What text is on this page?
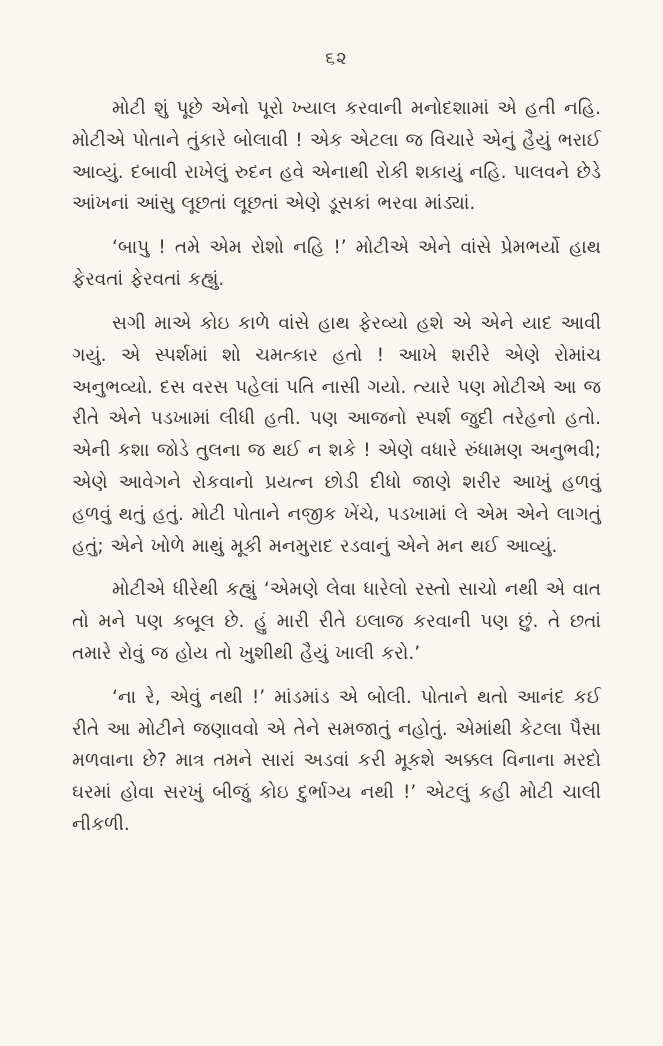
૬૨

મોટી શું પૂછે એનો પૂરો ખ્યાલ કરવાની મનોદશામાં એ હતી નહિ. મોટીએ પોતાને તુંકારે બોલાવી ! એક એટલા જ વિચારે એનું હૈયું ભરાઈ આવ્યું. દબાવી રાખેલું રુદન હવે એનાથી રોકી શકાયું નહિ. પાલવને છેડે આંખનાં આંસુ લૂછતાં લૂછતાં એણે ડૂસકાં ભરવા માંડ્યાં.

‘બાપુ ! તમે એમ રોશો નહિ !’ મોટીએ એને વાંસે પ્રેમભર્યો હાથ ફેરવતાં ફેરવતાં કહ્યું.

સગી માએ કોઇ કાળે વાંસે હાથ ફેરવ્યો હશે એ એને યાદ આવી ગયું. એ સ્પર્શમાં શો ચમત્કાર હતો ! આખે શરીરે એણે રોમાંચ અનુભવ્યો. દસ વરસ પહેલાં પતિ નાસી ગયો. ત્યારે પણ મોટીએ આ જ રીતે એને પડખામાં લીધી હતી. પણ આજનો સ્પર્શ જુદી તરેહનો હતો. એની કશા જોડે તુલના જ થઈ ન શકે ! એણે વધારે રુંધામણ અનુભવી; એણે આવેગને રોકવાનો પ્રયત્ન છોડી દીધો જાણે શરીર આખું હળવું હળવું થતું હતું. મોટી પોતાને નજીક ખેંચે, પડખામાં લે એમ એને લાગતું હતું; એને ખોળે માથું મૂકી મનમુરાદ રડવાનું એને મન થઈ આવ્યું.

મોટીએ ધીરેથી કહ્યું ‘એમણે લેવા ધારેલો રસ્તો સાચો નથી એ વાત તો મને પણ કબૂલ છે. હું મારી રીતે ઇલાજ કરવાની પણ છું. તે છતાં તમારે રોવું જ હોય તો ખુશીથી હૈયું ખાલી કરો.’

‘ના રે, એવું નથી !’ માંડમાંડ એ બોલી. પોતાને થતો આનંદ કઈ રીતે આ મોટીને જણાવવો એ તેને સમજાતું નહોતું. એમાંથી કેટલા પૈસા મળવાના છે? માત્ર તમને સારાં અડવાં કરી મૂકશે અક્કલ વિનાના મરદો ઘરમાં હોવા સરખું બીજું કોઇ દુર્ભાગ્ય નથી !’ એટલું કહી મોટી ચાલી નીકળી.
